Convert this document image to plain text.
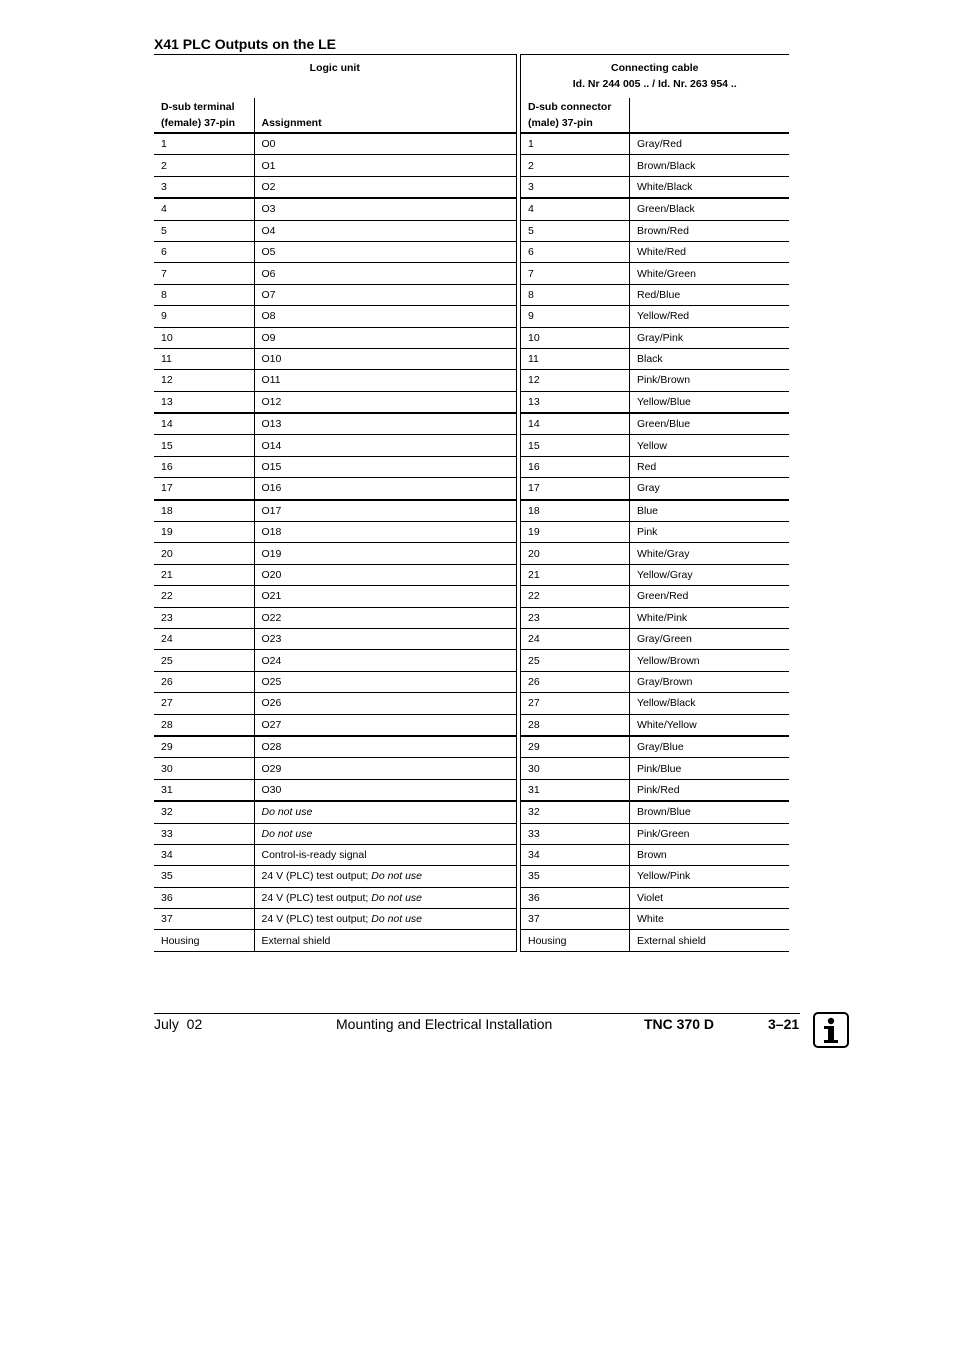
X41 PLC Outputs on the LE
Logic unit	
D-sub terminal
(female) 37-pin	Assignment
1	O0
2	O1
3	O2
4	O3
5	O4
6	O5
7	O6
8	O7
9	O8
10	O9
11	O10
12	O11
13	O12
14	O13
15	O14
16	O15
17	O16
18	O17
19	O18
20	O19
21	O20
22	O21
23	O22
24	O23
25	O24
26	O25
27	O26
28	O27
29	O28
30	O29
31	O30
32	Do not use
33	Do not use
34	Control-is-ready signal
35	24 V (PLC) test output; Do not use
36	24 V (PLC) test output; Do not use
37	24 V (PLC) test output; Do not use
Housing	External shield
Connecting cable
Id. Nr 244 005 .. / Id. Nr. 263 954 ..	
D-sub connector
(male) 37-pin	
1	Gray/Red
2	Brown/Black
3	White/Black
4	Green/Black
5	Brown/Red
6	White/Red
7	White/Green
8	Red/Blue
9	Yellow/Red
10	Gray/Pink
11	Black
12	Pink/Brown
13	Yellow/Blue
14	Green/Blue
15	Yellow
16	Red
17	Gray
18	Blue
19	Pink
20	White/Gray
21	Yellow/Gray
22	Green/Red
23	White/Pink
24	Gray/Green
25	Yellow/Brown
26	Gray/Brown
27	Yellow/Black
28	White/Yellow
29	Gray/Blue
30	Pink/Blue
31	Pink/Red
32	Brown/Blue
33	Pink/Green
34	Brown
35	Yellow/Pink
36	Violet
37	White
Housing	External shield
July  02	Mounting and Electrical Installation	TNC 370 D	3–21
